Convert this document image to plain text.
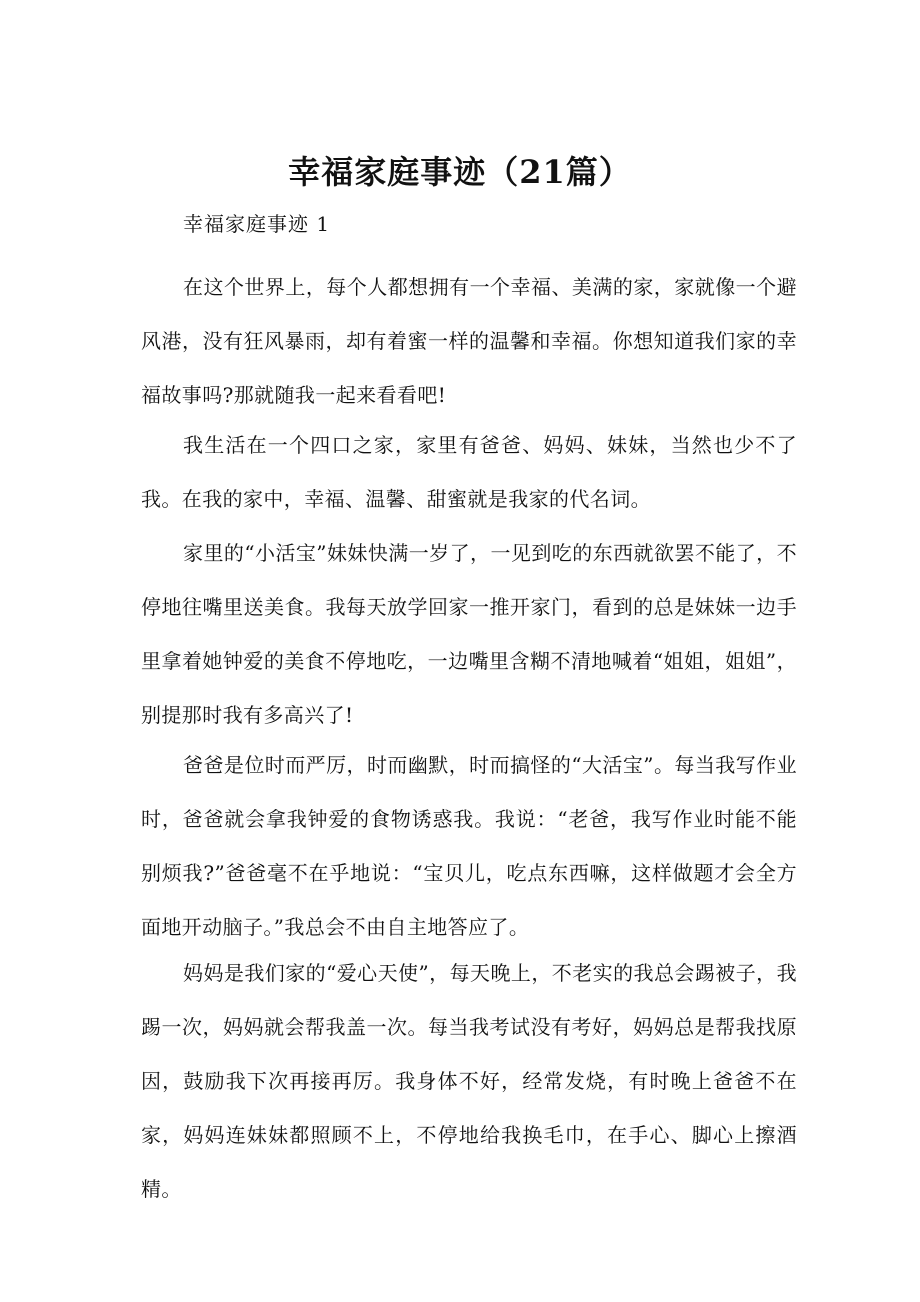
幸福家庭事迹（21篇）

幸福家庭事迹 1

在这个世界上，每个人都想拥有一个幸福、美满的家，家就像一个避风港，没有狂风暴雨，却有着蜜一样的温馨和幸福。你想知道我们家的幸福故事吗?那就随我一起来看看吧!

我生活在一个四口之家，家里有爸爸、妈妈、妹妹，当然也少不了我。在我的家中，幸福、温馨、甜蜜就是我家的代名词。

家里的“小活宝”妹妹快满一岁了，一见到吃的东西就欲罢不能了，不停地往嘴里送美食。我每天放学回家一推开家门，看到的总是妹妹一边手里拿着她钟爱的美食不停地吃，一边嘴里含糊不清地喊着“姐姐，姐姐”，别提那时我有多高兴了!

爸爸是位时而严厉，时而幽默，时而搞怪的“大活宝”。每当我写作业时，爸爸就会拿我钟爱的食物诱惑我。我说：“老爸，我写作业时能不能别烦我?”爸爸毫不在乎地说：“宝贝儿，吃点东西嘛，这样做题才会全方面地开动脑子。”我总会不由自主地答应了。

妈妈是我们家的“爱心天使”，每天晚上，不老实的我总会踢被子，我踢一次，妈妈就会帮我盖一次。每当我考试没有考好，妈妈总是帮我找原因，鼓励我下次再接再厉。我身体不好，经常发烧，有时晚上爸爸不在家，妈妈连妹妹都照顾不上，不停地给我换毛巾，在手心、脚心上擦酒精。
